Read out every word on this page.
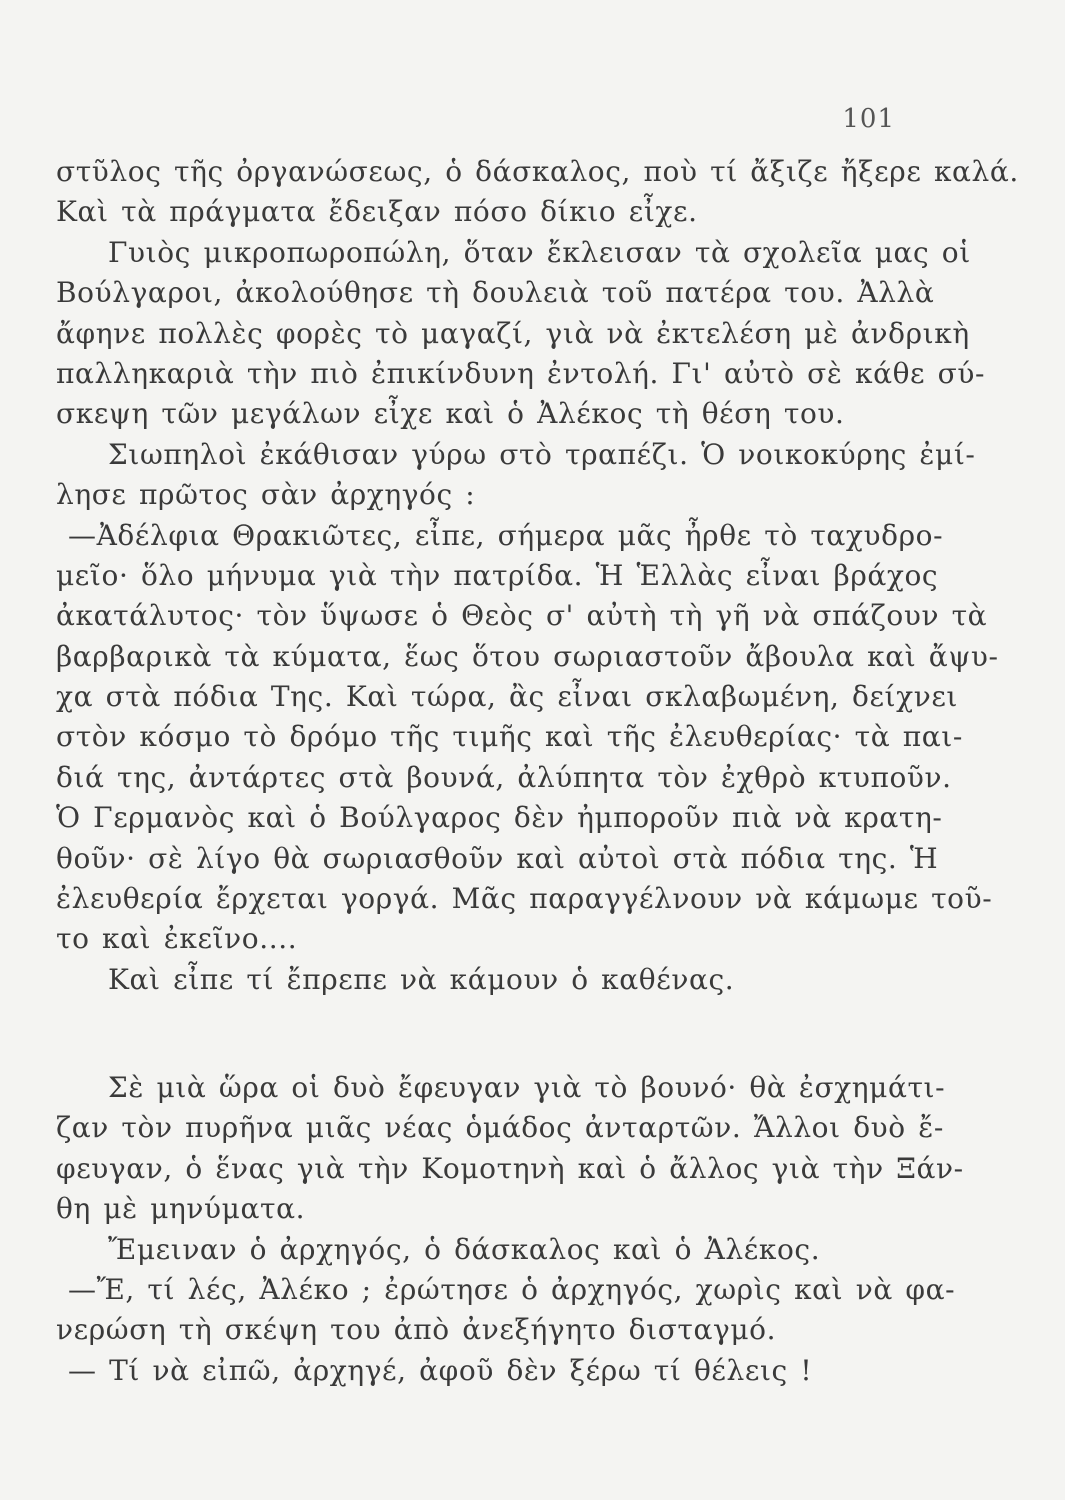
101
στῦλος τῆς ὀργανώσεως, ὁ δάσκαλος, ποὺ τί ἄξιζε ἤξερε καλά.
Καὶ τὰ πράγματα ἔδειξαν πόσο δίκιο εἶχε.
Γυιὸς μικροπωροπώλη, ὅταν ἔκλεισαν τὰ σχολεῖα μας οἱ
Βούλγαροι, ἀκολούθησε τὴ δουλειὰ τοῦ πατέρα του. Ἀλλὰ
ἄφηνε πολλὲς φορὲς τὸ μαγαζί, γιὰ νὰ ἐκτελέση μὲ ἀνδρικὴ
παλληκαριὰ τὴν πιὸ ἐπικίνδυνη ἐντολή. Γι' αὐτὸ σὲ κάθε σύ-
σκεψη τῶν μεγάλων εἶχε καὶ ὁ Ἀλέκος τὴ θέση του.
Σιωπηλοὶ ἐκάθισαν γύρω στὸ τραπέζι. Ὁ νοικοκύρης ἐμί-
λησε πρῶτος σὰν ἀρχηγός :
—Ἀδέλφια Θρακιῶτες, εἶπε, σήμερα μᾶς ἦρθε τὸ ταχυδρο-
μεῖο· ὅλο μήνυμα γιὰ τὴν πατρίδα. Ἡ Ἑλλὰς εἶναι βράχος
ἀκατάλυτος· τὸν ὕψωσε ὁ Θεὸς σ' αὐτὴ τὴ γῆ νὰ σπάζουν τὰ
βαρβαρικὰ τὰ κύματα, ἕως ὅτου σωριαστοῦν ἄβουλα καὶ ἄψυ-
χα στὰ πόδια Της. Καὶ τώρα, ἂς εἶναι σκλαβωμένη, δείχνει
στὸν κόσμο τὸ δρόμο τῆς τιμῆς καὶ τῆς ἐλευθερίας· τὰ παι-
διά της, ἀντάρτες στὰ βουνά, ἀλύπητα τὸν ἐχθρὸ κτυποῦν.
Ὁ Γερμανὸς καὶ ὁ Βούλγαρος δὲν ἠμποροῦν πιὰ νὰ κρατη-
θοῦν· σὲ λίγο θὰ σωριασθοῦν καὶ αὐτοὶ στὰ πόδια της. Ἡ
ἐλευθερία ἔρχεται γοργά. Μᾶς παραγγέλνουν νὰ κάμωμε τοῦ-
το καὶ ἐκεῖνο....
Καὶ εἶπε τί ἔπρεπε νὰ κάμουν ὁ καθένας.
Σὲ μιὰ ὥρα οἱ δυὸ ἔφευγαν γιὰ τὸ βουνό· θὰ ἐσχημάτι-
ζαν τὸν πυρῆνα μιᾶς νέας ὁμάδος ἀνταρτῶν. Ἄλλοι δυὸ ἔ-
φευγαν, ὁ ἕνας γιὰ τὴν Κομοτηνὴ καὶ ὁ ἄλλος γιὰ τὴν Ξάν-
θη μὲ μηνύματα.
Ἔμειναν ὁ ἀρχηγός, ὁ δάσκαλος καὶ ὁ Ἀλέκος.
—Ἔ, τί λές, Ἀλέκο ; ἐρώτησε ὁ ἀρχηγός, χωρὶς καὶ νὰ φα-
νερώση τὴ σκέψη του ἀπὸ ἀνεξήγητο δισταγμό.
— Τί νὰ εἰπῶ, ἀρχηγέ, ἀφοῦ δὲν ξέρω τί θέλεις !
